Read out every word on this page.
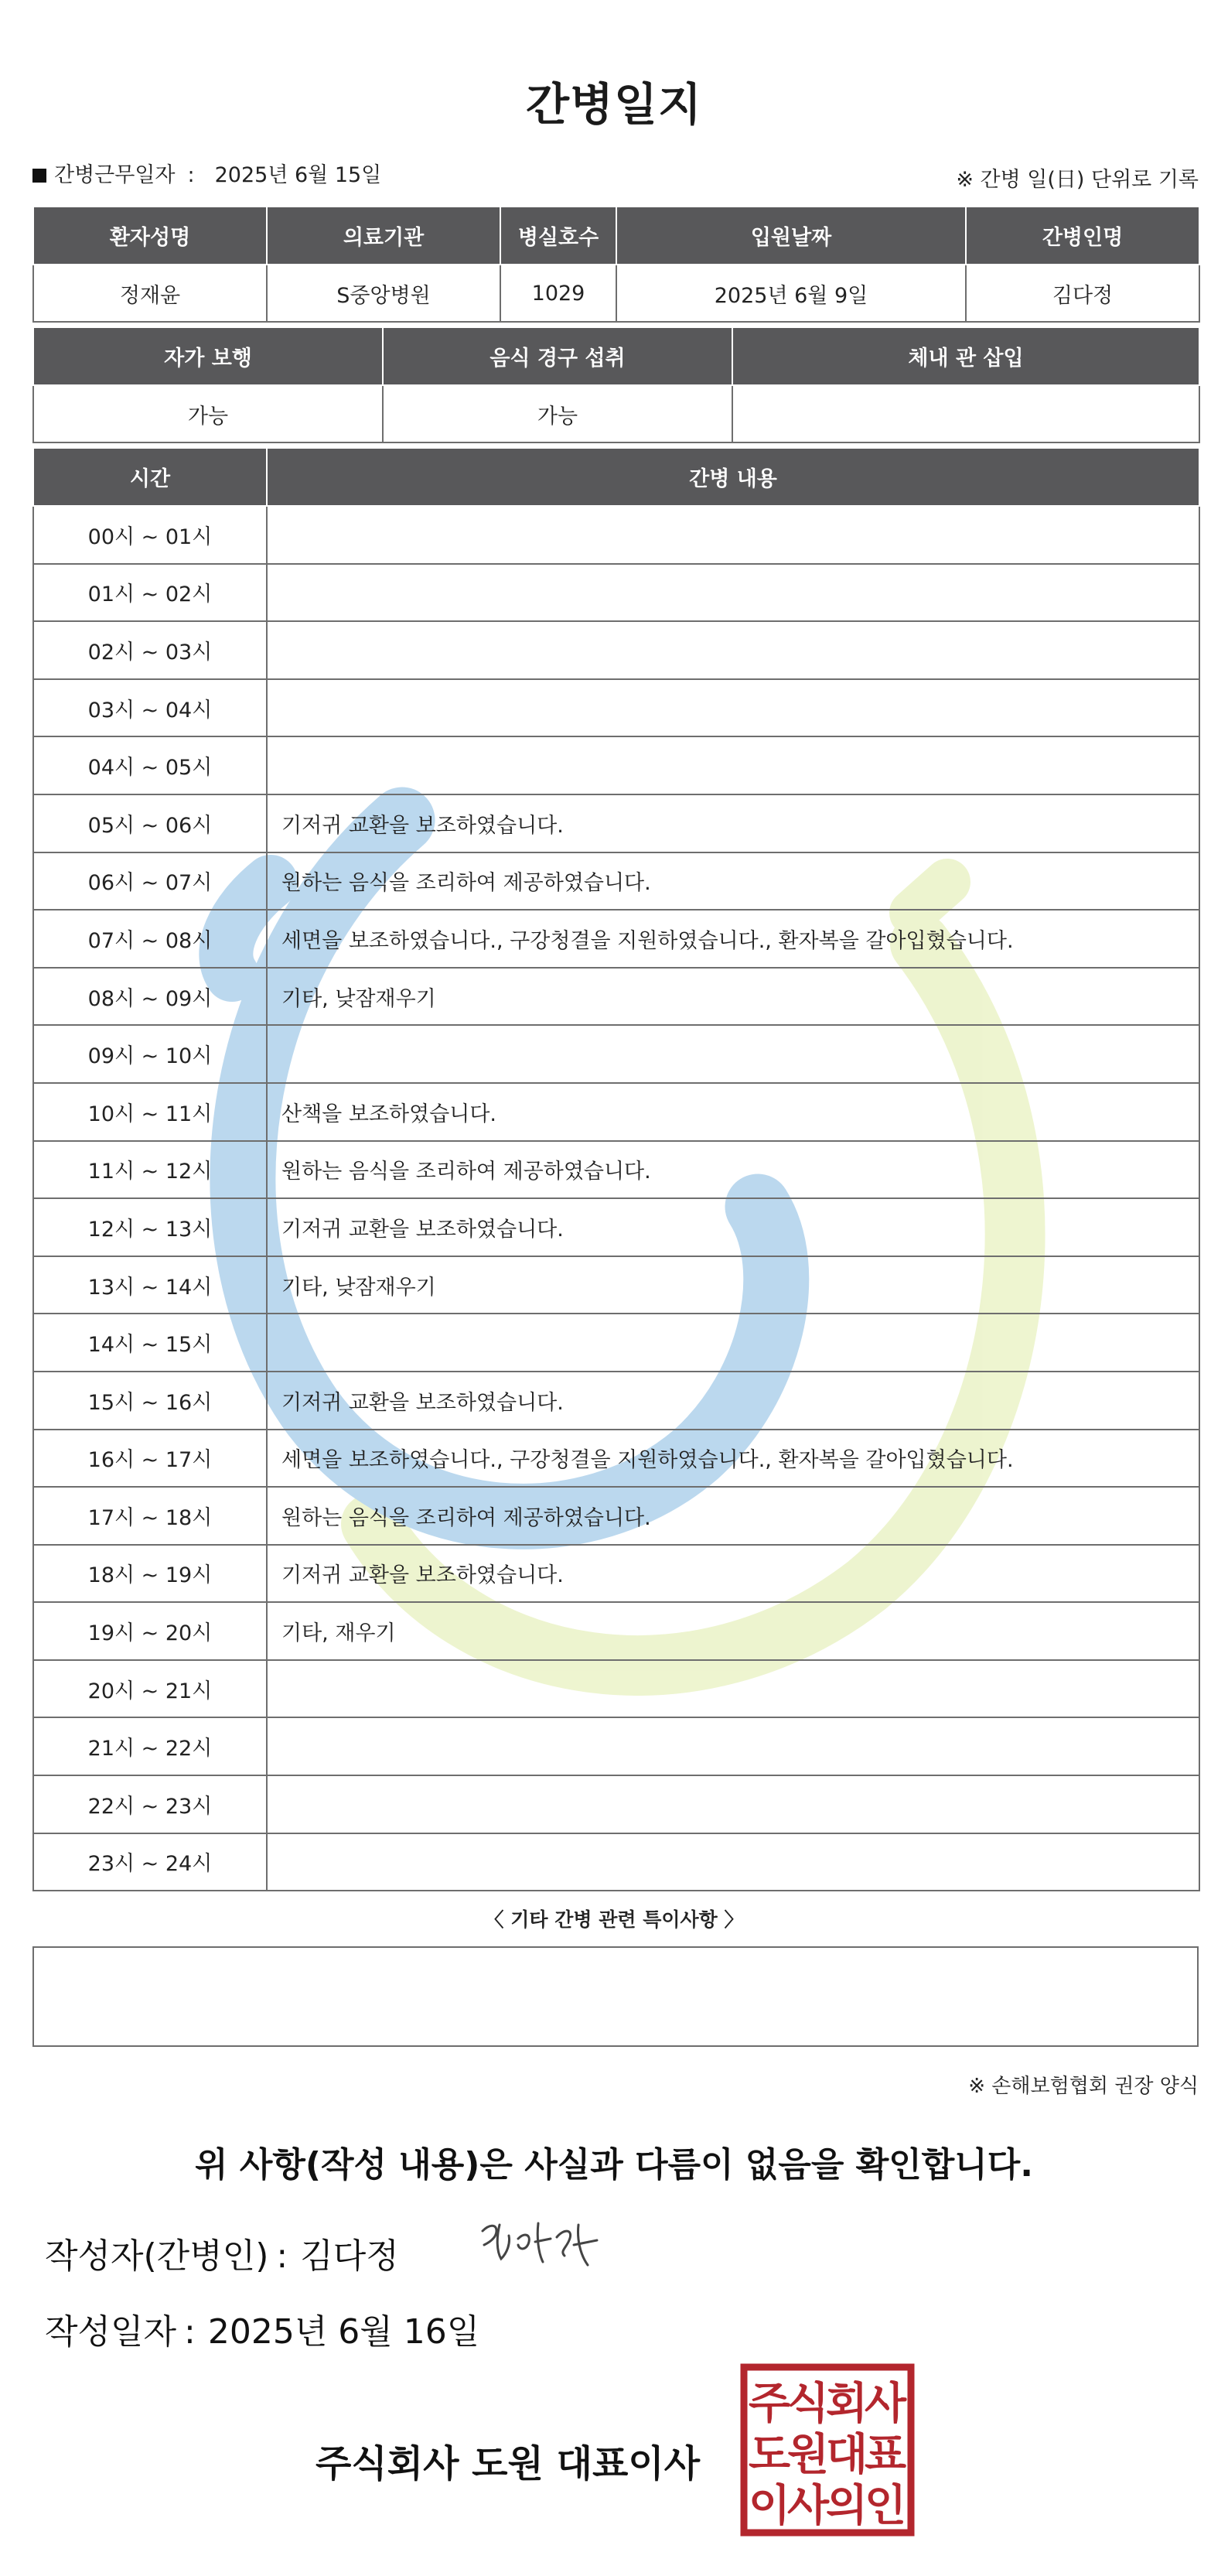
간병일지
간병근무일자 : 2025년 6월 15일	※ 간병 일(日) 단위로 기록
환자성명	의료기관	병실호수	입원날짜	간병인명
정재윤	S중앙병원	1029	2025년 6월 9일	김다정
자가 보행	음식 경구 섭취	체내 관 삽입
가능	가능	
시간	간병 내용
00시 ~ 01시	
01시 ~ 02시	
02시 ~ 03시	
03시 ~ 04시	
04시 ~ 05시	
05시 ~ 06시	기저귀 교환을 보조하였습니다.
06시 ~ 07시	원하는 음식을 조리하여 제공하였습니다.
07시 ~ 08시	세면을 보조하였습니다., 구강청결을 지원하였습니다., 환자복을 갈아입혔습니다.
08시 ~ 09시	기타, 낮잠재우기
09시 ~ 10시	
10시 ~ 11시	산책을 보조하였습니다.
11시 ~ 12시	원하는 음식을 조리하여 제공하였습니다.
12시 ~ 13시	기저귀 교환을 보조하였습니다.
13시 ~ 14시	기타, 낮잠재우기
14시 ~ 15시	
15시 ~ 16시	기저귀 교환을 보조하였습니다.
16시 ~ 17시	세면을 보조하였습니다., 구강청결을 지원하였습니다., 환자복을 갈아입혔습니다.
17시 ~ 18시	원하는 음식을 조리하여 제공하였습니다.
18시 ~ 19시	기저귀 교환을 보조하였습니다.
19시 ~ 20시	기타, 재우기
20시 ~ 21시	
21시 ~ 22시	
22시 ~ 23시	
23시 ~ 24시	
〈 기타 간병 관련 특이사항 〉
※ 손해보험협회 권장 양식
위 사항(작성 내용)은 사실과 다름이 없음을 확인합니다.
작성자(간병인) : 김다정
작성일자 : 2025년 6월 16일
주식회사 도원 대표이사
주
식
회
사
도
원
대
표
이
사
의
인
